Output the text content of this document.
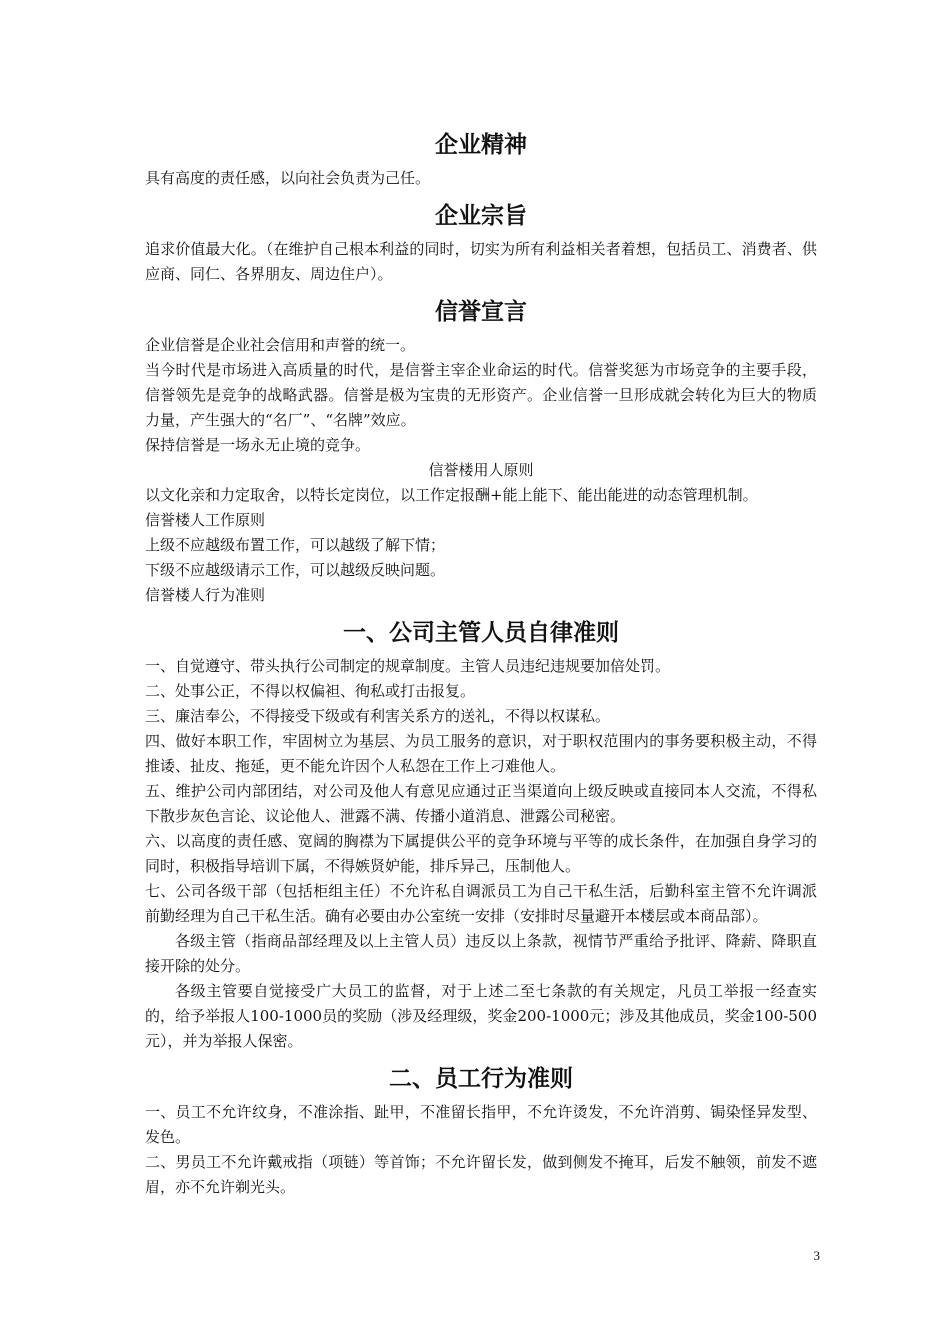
企业精神

具有高度的责任感，以向社会负责为己任。

企业宗旨

追求价值最大化。（在维护自己根本利益的同时，切实为所有利益相关者着想，包括员工、消费者、供应商、同仁、各界朋友、周边住户）。

信誉宣言

企业信誉是企业社会信用和声誉的统一。

当今时代是市场进入高质量的时代，是信誉主宰企业命运的时代。信誉奖惩为市场竞争的主要手段，信誉领先是竞争的战略武器。信誉是极为宝贵的无形资产。企业信誉一旦形成就会转化为巨大的物质力量，产生强大的“名厂”、“名牌”效应。

保持信誉是一场永无止境的竞争。

信誉楼用人原则

以文化亲和力定取舍，以特长定岗位，以工作定报酬+能上能下、能出能进的动态管理机制。

信誉楼人工作原则

上级不应越级布置工作，可以越级了解下情；

下级不应越级请示工作，可以越级反映问题。

信誉楼人行为准则

一、公司主管人员自律准则

一、自觉遵守、带头执行公司制定的规章制度。主管人员违纪违规要加倍处罚。

二、处事公正，不得以权偏袒、徇私或打击报复。

三、廉洁奉公，不得接受下级或有利害关系方的送礼，不得以权谋私。

四、做好本职工作，牢固树立为基层、为员工服务的意识，对于职权范围内的事务要积极主动，不得推诿、扯皮、拖延，更不能允许因个人私怨在工作上刁难他人。

五、维护公司内部团结，对公司及他人有意见应通过正当渠道向上级反映或直接同本人交流，不得私下散步灰色言论、议论他人、泄露不满、传播小道消息、泄露公司秘密。

六、以高度的责任感、宽阔的胸襟为下属提供公平的竞争环境与平等的成长条件，在加强自身学习的同时，积极指导培训下属，不得嫉贤妒能，排斥异己，压制他人。

七、公司各级干部（包括柜组主任）不允许私自调派员工为自己干私生活，后勤科室主管不允许调派前勤经理为自己干私生活。确有必要由办公室统一安排（安排时尽量避开本楼层或本商品部）。

各级主管（指商品部经理及以上主管人员）违反以上条款，视情节严重给予批评、降薪、降职直接开除的处分。

各级主管要自觉接受广大员工的监督，对于上述二至七条款的有关规定，凡员工举报一经查实的，给予举报人100-1000员的奖励（涉及经理级，奖金200-1000元；涉及其他成员，奖金100-500元），并为举报人保密。

二、员工行为准则

一、员工不允许纹身，不准涂指、趾甲，不准留长指甲，不允许烫发，不允许消剪、锔染怪异发型、发色。

二、男员工不允许戴戒指（项链）等首饰；不允许留长发，做到侧发不掩耳，后发不触领，前发不遮眉，亦不允许剃光头。

3
